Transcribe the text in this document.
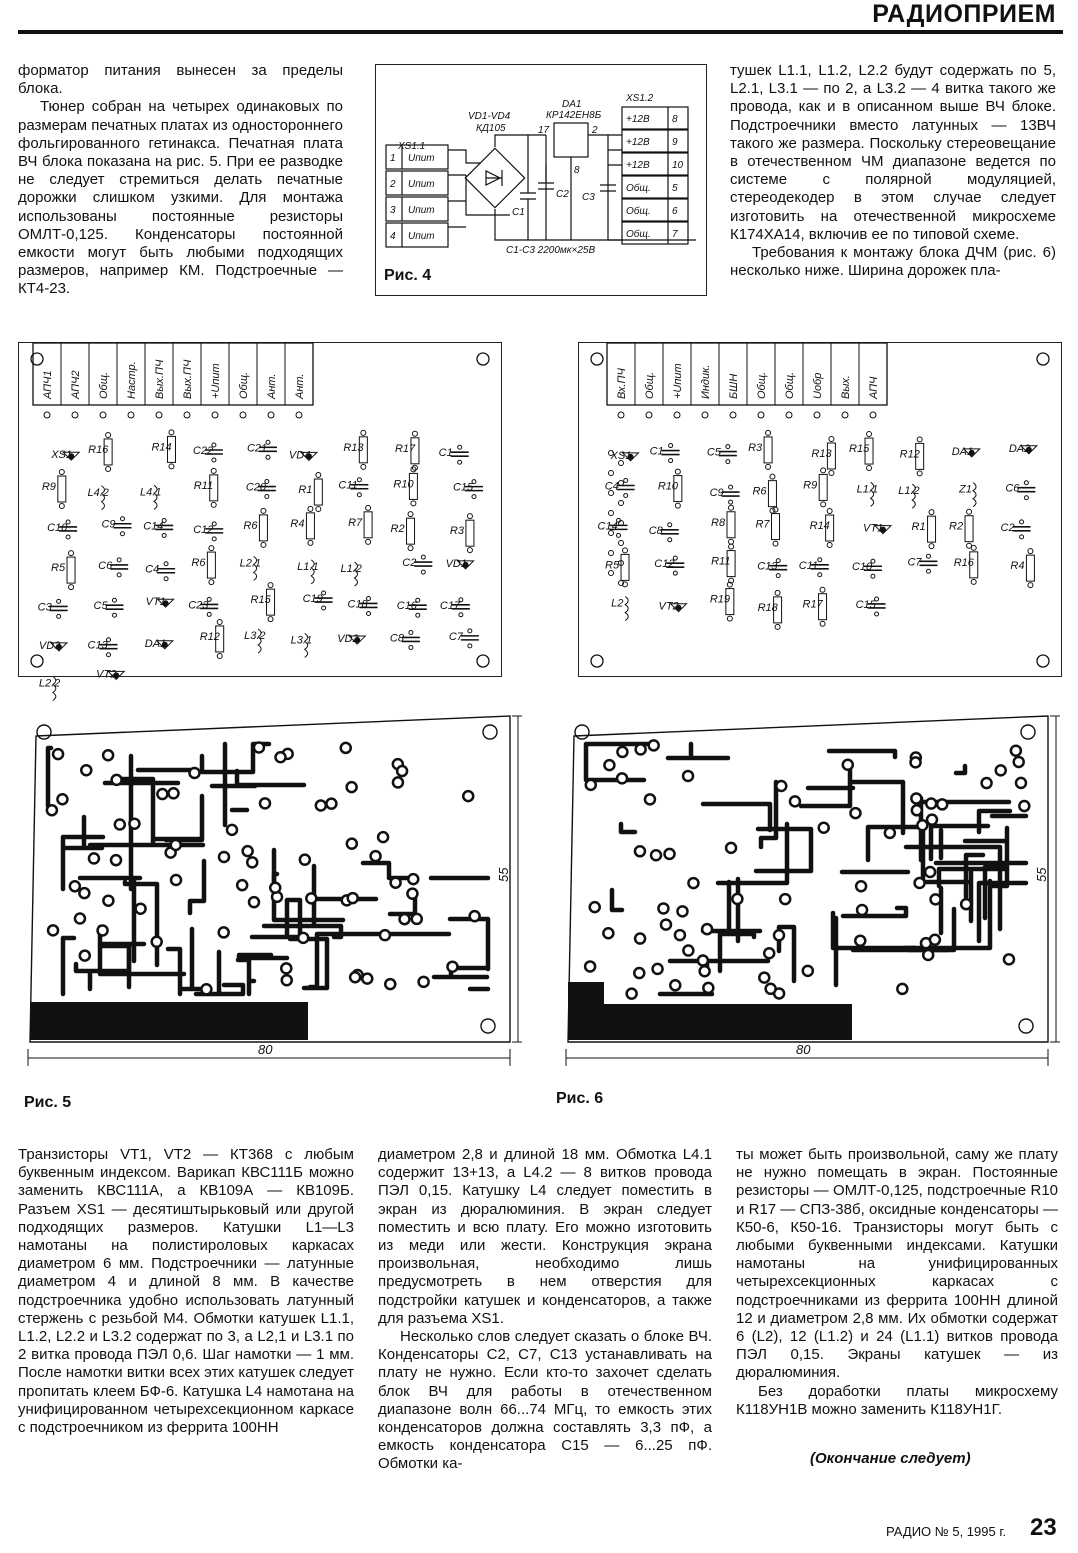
РАДИОПРИЕМ

форматор питания вынесен за пределы блока.

Тюнер собран на четырех одинаковых по размерам печатных платах из одностороннего фольгированного гетинакса. Печатная плата ВЧ блока показана на рис. 5. При ее разводке не следует стремиться делать печатные дорожки слишком узкими. Для монтажа использованы постоянные резисторы ОМЛТ-0,125. Конденсаторы постоянной емкости могут быть любыми подходящих размеров, например КМ. Подстроечные — КТ4-23.

тушек L1.1, L1.2, L2.2 будут содержать по 5, L2.1, L3.1 — по 2, а L3.2 — 4 витка такого же провода, как и в описанном выше ВЧ блоке. Подстроечники вместо латунных — 13ВЧ такого же размера. Поскольку стереовещание в отечественном ЧМ диапазоне ведется по системе с полярной модуляцией, стереодекодер в этом случае следует изготовить на отечественной микросхеме К174ХА14, включив ее по типовой схеме.

Требования к монтажу блока ДЧМ (рис. 6) несколько ниже. Ширина дорожек пла-

XS1.1
1 Uпит
2 Uпит
3 Uпит
4 Uпит
XS1.2
+12В 8
+12В 9
+12В 10
Общ. 5
Общ. 6
Общ. 7
VD1-VD4
КД105
C1
C2
DA1
КР142ЕН8Б
17	2
8
C3
С1-С3 2200мк×25В
Рис. 4
АПЧ1 АПЧ2 Общ. Настр. Вых.ПЧ Вых.ПЧ +Uпит Общ. Ант. Ант.
XS1 R16	R14 C22	C21
VD4
R13	R17 C1
R9	L4.2	L4.1
R11	C20	R1 C11	R10	C15
C10	C9	C14	C12	R6	R4	R7
R2	R3
R5	C6	C4
R6	L2.1	L1.1 L1.2	C2	VD1
C3	C5	VT1 C23	R15	C19 C18	C16 C17
VD3 C13	DA1
R12 L3.2 L3.1 VD2	C8	C7
L2.2
VT2
Вх.ПЧ Общ. +Uпит Индик. БШН Общ. Общ. Uобр Вых. АПЧ
XS1 C1	C5 R3
R13 R15	R12	DA1	DA2
C4	R10
C9	R6
R9	L1.1 L1.2	Z1	C6
C14	C8
R8	R7	R14	VT1	R1 R2	C2
R5	C12	R11 C13 C11	C10	C7	R16	R4
L2	VT2
R19
R18 R17	C15
80
55
80
55
Рис. 5	Рис. 6

Транзисторы VT1, VT2 — КТ368 с любым буквенным индексом. Варикап КВС111Б можно заменить КВС111А, а КВ109А — КВ109Б. Разъем XS1 — десятиштырьковый или другой подходящих размеров. Катушки L1—L3 намотаны на полистироловых каркасах диаметром 6 мм. Подстроечники — латунные диаметром 4 и длиной 8 мм. В качестве подстроечника удобно использовать латунный стержень с резьбой М4. Обмотки катушек L1.1, L1.2, L2.2 и L3.2 содержат по 3, а L2,1 и L3.1 по 2 витка провода ПЭЛ 0,6. Шаг намотки — 1 мм. После намотки витки всех этих катушек следует пропитать клеем БФ-6. Катушка L4 намотана на унифицированном четырехсекционном каркасе с подстроечником из феррита 100НН

диаметром 2,8 и длиной 18 мм. Обмотка L4.1 содержит 13+13, а L4.2 — 8 витков провода ПЭЛ 0,15. Катушку L4 следует поместить в экран из дюралюминия. В экран следует поместить и всю плату. Его можно изготовить из меди или жести. Конструкция экрана произвольная, необходимо лишь предусмотреть в нем отверстия для подстройки катушек и конденсаторов, а также для разъема XS1.

Несколько слов следует сказать о блоке ВЧ. Конденсаторы С2, С7, С13 устанавливать на плату не нужно. Если кто-то захочет сделать блок ВЧ для работы в отечественном диапазоне волн 66...74 МГц, то емкость этих конденсаторов должна составлять 3,3 пФ, а емкость конденсатора С15 — 6...25 пФ. Обмотки ка-

ты может быть произвольной, саму же плату не нужно помещать в экран. Постоянные резисторы — ОМЛТ-0,125, подстроечные R10 и R17 — СПЗ-38б, оксидные конденсаторы — К50-6, К50-16. Транзисторы могут быть с любыми буквенными индексами. Катушки намотаны на унифицированных четырехсекционных каркасах с подстроечниками из феррита 100НН длиной 12 и диаметром 2,8 мм. Их обмотки содержат 6 (L2), 12 (L1.2) и 24 (L1.1) витков провода ПЭЛ 0,15. Экраны катушек — из дюралюминия.

Без доработки платы микросхему К118УН1В можно заменить К118УН1Г.

(Окончание следует)
РАДИО № 5, 1995 г. 23
